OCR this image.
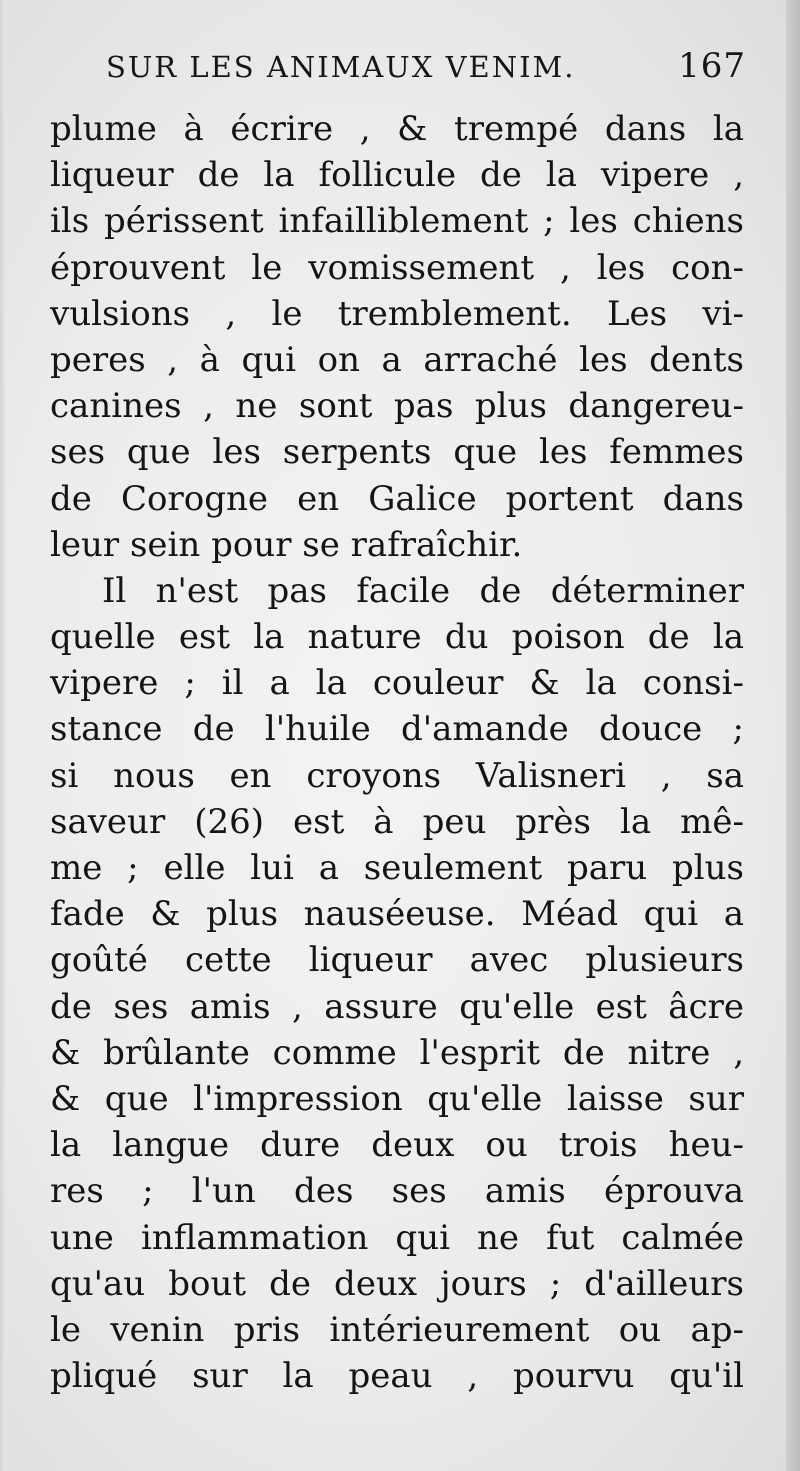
SUR LES ANIMAUX VENIM.	167
plume à écrire , & trempé dans la
liqueur de la follicule de la vipere ,
ils périssent infailliblement ; les chiens
éprouvent le vomissement , les con-
vulsions , le tremblement. Les vi-
peres , à qui on a arraché les dents
canines , ne sont pas plus dangereu-
ses que les serpents que les femmes
de Corogne en Galice portent dans
leur sein pour se rafraîchir.
Il n'est pas facile de déterminer
quelle est la nature du poison de la
vipere ; il a la couleur & la consi-
stance de l'huile d'amande douce ;
si nous en croyons Valisneri , sa
saveur (26) est à peu près la mê-
me ; elle lui a seulement paru plus
fade & plus nauséeuse. Méad qui a
goûté cette liqueur avec plusieurs
de ses amis , assure qu'elle est âcre
& brûlante comme l'esprit de nitre ,
& que l'impression qu'elle laisse sur
la langue dure deux ou trois heu-
res ; l'un des ses amis éprouva
une inflammation qui ne fut calmée
qu'au bout de deux jours ; d'ailleurs
le venin pris intérieurement ou ap-
pliqué sur la peau , pourvu qu'il
